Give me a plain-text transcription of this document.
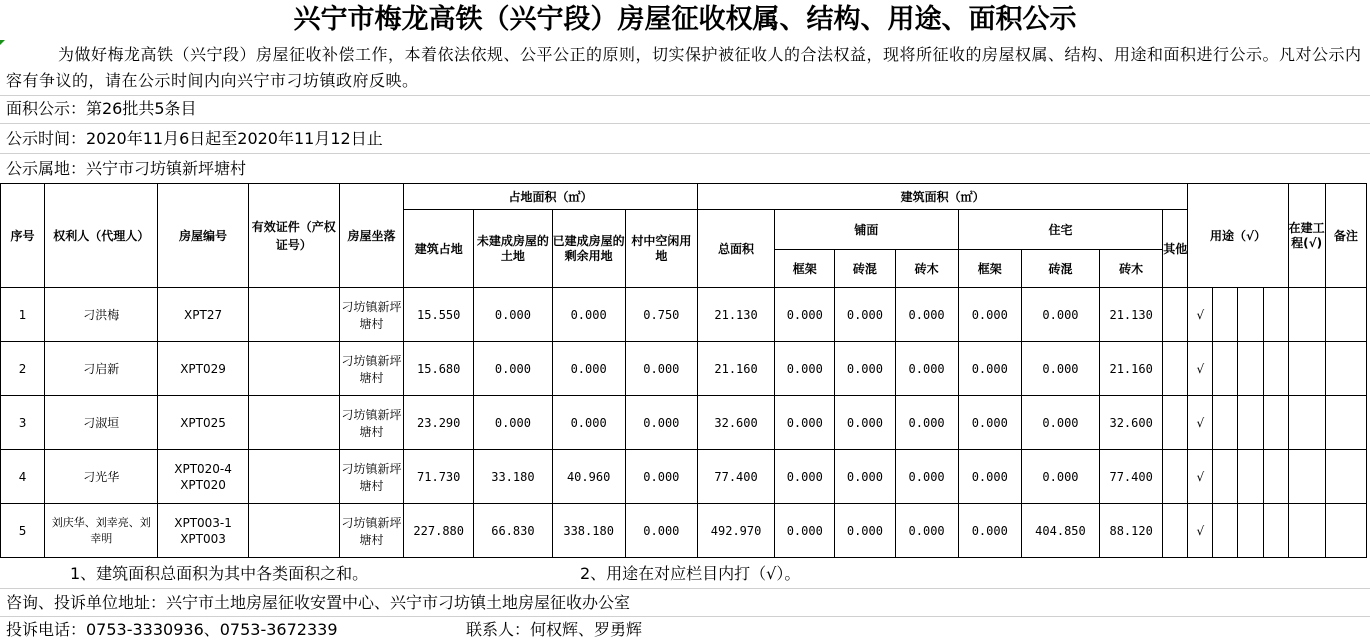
兴宁市梅龙高铁（兴宁段）房屋征收权属、结构、用途、面积公示
为做好梅龙高铁（兴宁段）房屋征收补偿工作，本着依法依规、公平公正的原则，切实保护被征收人的合法权益，现将所征收的房屋权属、结构、用途和面积进行公示。凡对公示内容有争议的，请在公示时间内向兴宁市刁坊镇政府反映。
面积公示：第26批共5条目
公示时间：2020年11月6日起至2020年11月12日止
公示属地：兴宁市刁坊镇新坪塘村
序号	权利人（代理人）	房屋编号	有效证件（产权证号）	房屋坐落	占地面积（㎡）				建筑面积（㎡）								用途（√）				在建工程(√)	备注
					建筑占地	未建成房屋的土地	已建成房屋的剩余用地	村中空闲用地	总面积	铺面			住宅			其他						
										框架	砖混	砖木	框架	砖混	砖木							
1	刁洪梅	XPT27		刁坊镇新坪塘村	15.550	0.000	0.000	0.750	21.130	0.000	0.000	0.000	0.000	0.000	21.130		√					
2	刁启新	XPT029		刁坊镇新坪塘村	15.680	0.000	0.000	0.000	21.160	0.000	0.000	0.000	0.000	0.000	21.160		√					
3	刁淑垣	XPT025		刁坊镇新坪塘村	23.290	0.000	0.000	0.000	32.600	0.000	0.000	0.000	0.000	0.000	32.600		√					
4	刁光华	XPT020-4 XPT020		刁坊镇新坪塘村	71.730	33.180	40.960	0.000	77.400	0.000	0.000	0.000	0.000	0.000	77.400		√					
5	刘庆华、刘幸亮、刘幸明	XPT003-1 XPT003		刁坊镇新坪塘村	227.880	66.830	338.180	0.000	492.970	0.000	0.000	0.000	0.000	404.850	88.120		√					
1、建筑面积总面积为其中各类面积之和。	2、用途在对应栏目内打（√）。
咨询、投诉单位地址：兴宁市土地房屋征收安置中心、兴宁市刁坊镇土地房屋征收办公室
投诉电话：0753-3330936、0753-3672339	联系人：何权辉、罗勇辉
